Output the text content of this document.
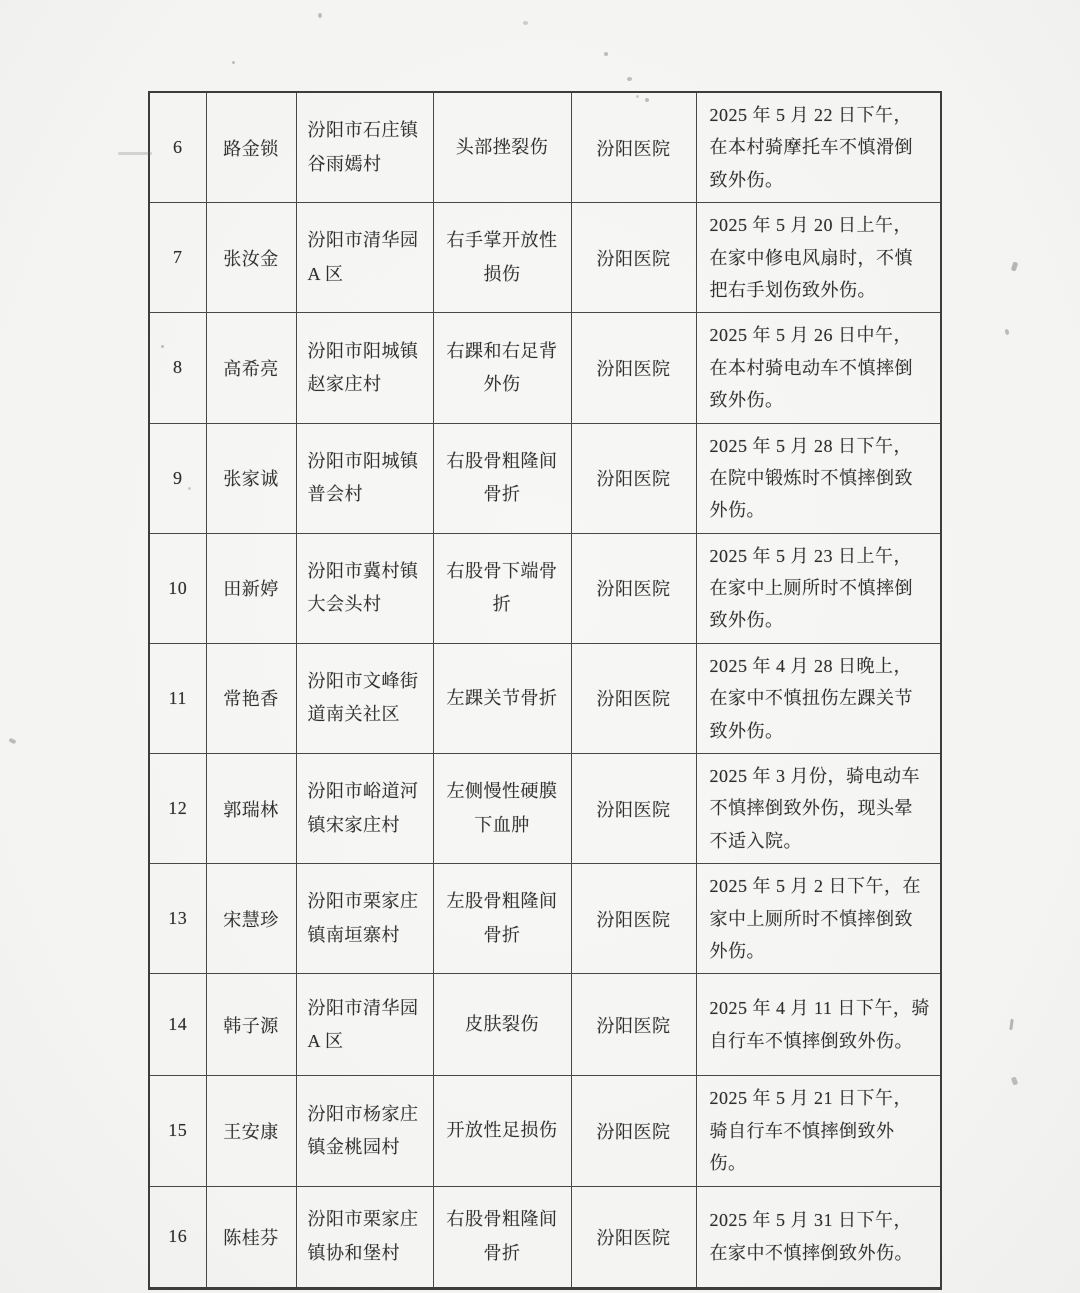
6	路金锁	汾阳市石庄镇 谷雨嫣村	头部挫裂伤	汾阳医院	2025 年 5 月 22 日下午，在本村骑摩托车不慎滑倒致外伤。
7	张汝金	汾阳市清华园 A 区	右手掌开放性损伤	汾阳医院	2025 年 5 月 20 日上午，在家中修电风扇时，不慎把右手划伤致外伤。
8	高希亮	汾阳市阳城镇 赵家庄村	右踝和右足背外伤	汾阳医院	2025 年 5 月 26 日中午，在本村骑电动车不慎摔倒致外伤。
9	张家诚	汾阳市阳城镇 普会村	右股骨粗隆间骨折	汾阳医院	2025 年 5 月 28 日下午，在院中锻炼时不慎摔倒致外伤。
10	田新婷	汾阳市冀村镇 大会头村	右股骨下端骨折	汾阳医院	2025 年 5 月 23 日上午，在家中上厕所时不慎摔倒致外伤。
11	常艳香	汾阳市文峰街 道南关社区	左踝关节骨折	汾阳医院	2025 年 4 月 28 日晚上，在家中不慎扭伤左踝关节致外伤。
12	郭瑞林	汾阳市峪道河 镇宋家庄村	左侧慢性硬膜下血肿	汾阳医院	2025 年 3 月份，骑电动车不慎摔倒致外伤，现头晕不适入院。
13	宋慧珍	汾阳市栗家庄 镇南垣寨村	左股骨粗隆间骨折	汾阳医院	2025 年 5 月 2 日下午，在家中上厕所时不慎摔倒致外伤。
14	韩子源	汾阳市清华园 A 区	皮肤裂伤	汾阳医院	2025 年 4 月 11 日下午，骑自行车不慎摔倒致外伤。
15	王安康	汾阳市杨家庄 镇金桃园村	开放性足损伤	汾阳医院	2025 年 5 月 21 日下午，骑自行车不慎摔倒致外伤。
16	陈桂芬	汾阳市栗家庄 镇协和堡村	右股骨粗隆间骨折	汾阳医院	2025 年 5 月 31 日下午，在家中不慎摔倒致外伤。
